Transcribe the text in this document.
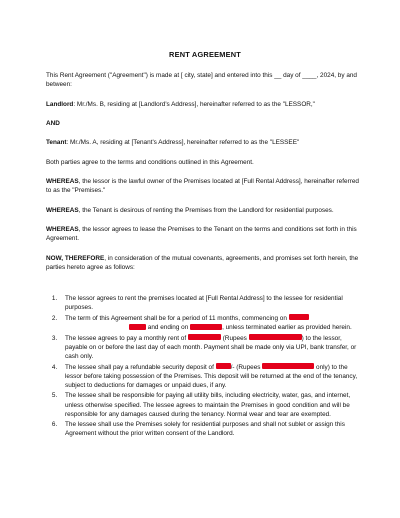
RENT AGREEMENT

This Rent Agreement ("Agreement") is made at [ city, state] and entered into this __ day of ____, 2024, by and between:

Landlord: Mr./Ms. B, residing at [Landlord's Address], hereinafter referred to as the "LESSOR,"

AND

Tenant: Mr./Ms. A, residing at [Tenant's Address], hereinafter referred to as the "LESSEE"

Both parties agree to the terms and conditions outlined in this Agreement.

WHEREAS, the lessor is the lawful owner of the Premises located at [Full Rental Address], hereinafter referred to as the "Premises."

WHEREAS, the Tenant is desirous of renting the Premises from the Landlord for residential purposes.

WHEREAS, the lessor agrees to lease the Premises to the Tenant on the terms and conditions set forth in this Agreement.

NOW, THEREFORE, in consideration of the mutual covenants, agreements, and promises set forth herein, the parties hereto agree as follows:

1. The lessor agrees to rent the premises located at [Full Rental Address] to the lessee for residential purposes.
2. The term of this Agreement shall be for a period of 11 months, commencing on  and ending on	, unless terminated earlier as provided herein.
3. The lessee agrees to pay a monthly rent of	(Rupees	) to the lessor, payable on or before the last day of each month. Payment shall be made only via UPI, bank transfer, or cash only.
4. The lessee shall pay a refundable security deposit of /- (Rupees	only) to the lessor before taking possession of the Premises. This deposit will be returned at the end of the tenancy, subject to deductions for damages or unpaid dues, if any.
5. The lessee shall be responsible for paying all utility bills, including electricity, water, gas, and internet, unless otherwise specified. The lessee agrees to maintain the Premises in good condition and will be responsible for any damages caused during the tenancy. Normal wear and tear are exempted.
6. The lessee shall use the Premises solely for residential purposes and shall not sublet or assign this Agreement without the prior written consent of the Landlord.
